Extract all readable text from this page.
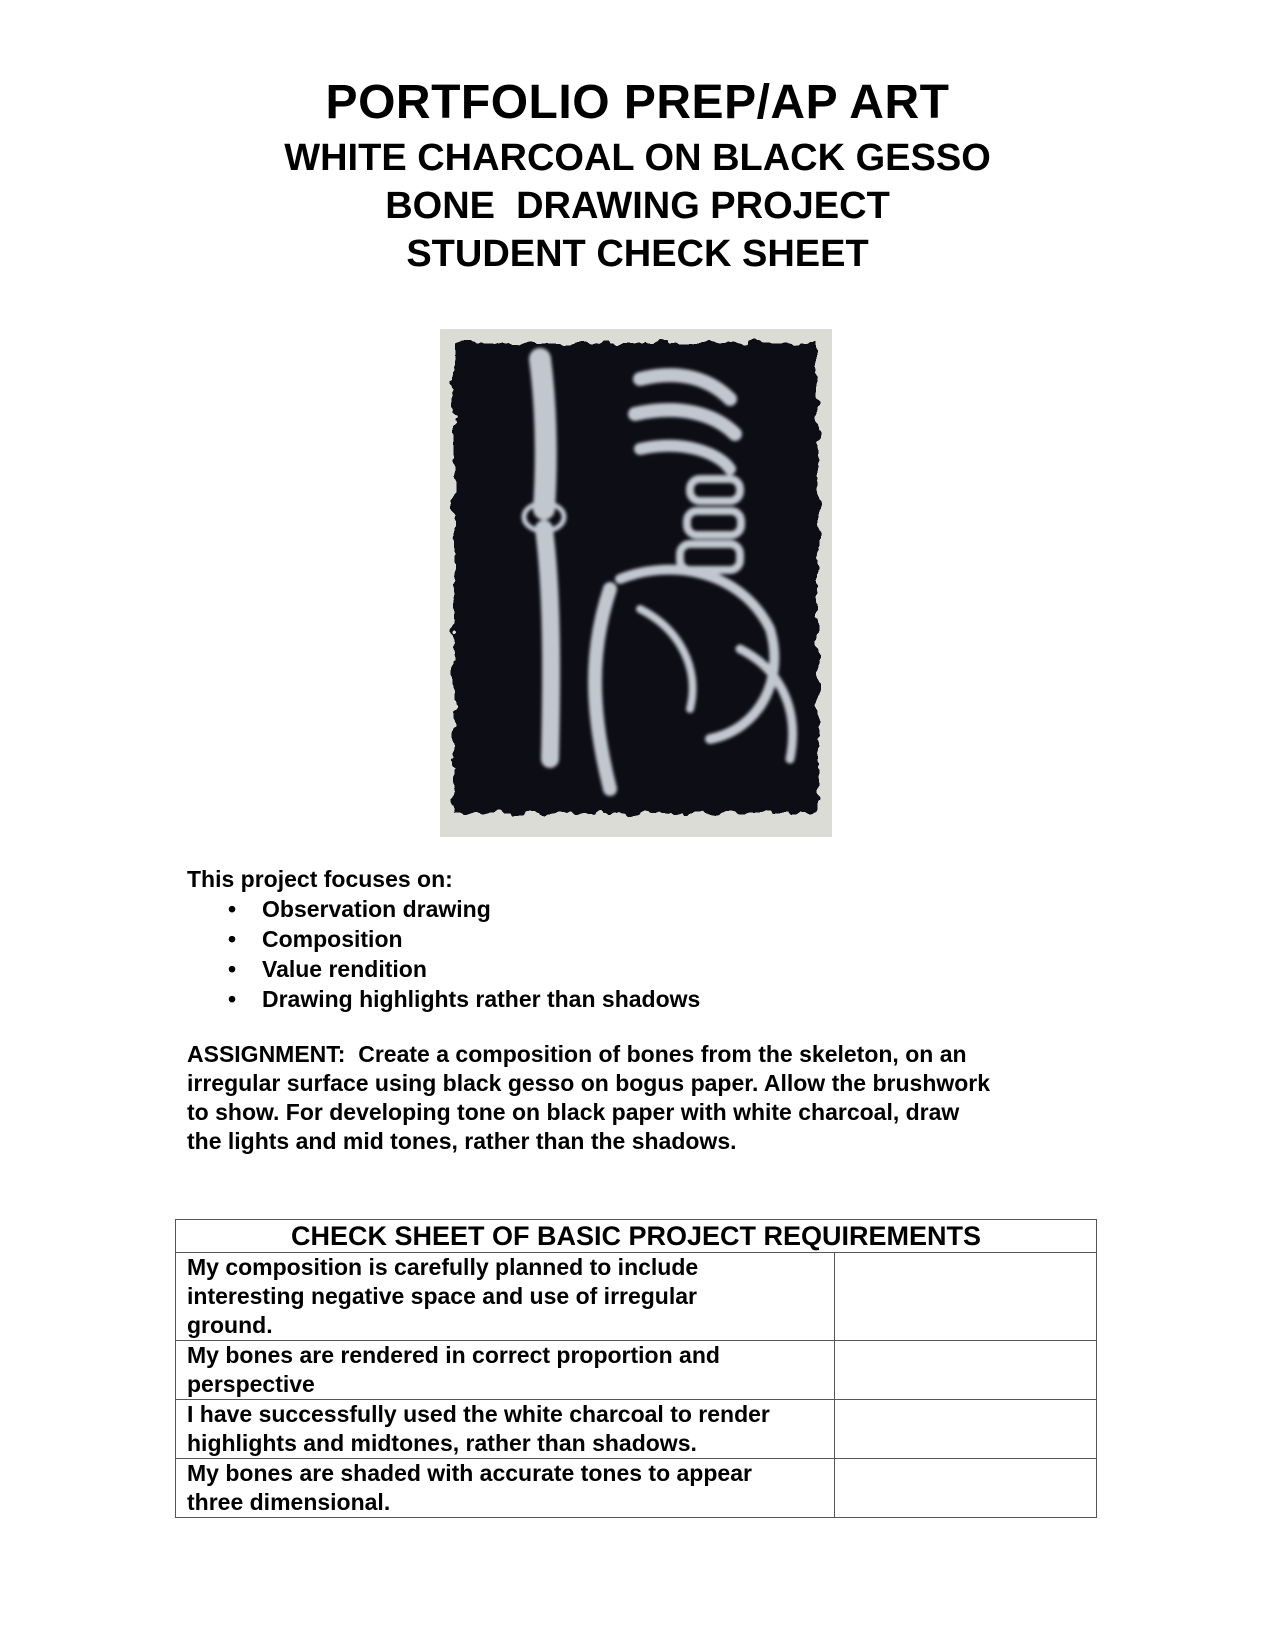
PORTFOLIO PREP/AP ART
WHITE CHARCOAL ON BLACK GESSO
BONE  DRAWING PROJECT
STUDENT CHECK SHEET
This project focuses on:
• Observation drawing
• Composition
• Value rendition
• Drawing highlights rather than shadows
ASSIGNMENT:  Create a composition of bones from the skeleton, on an
irregular surface using black gesso on bogus paper. Allow the brushwork
to show. For developing tone on black paper with white charcoal, draw
the lights and mid tones, rather than the shadows.
CHECK SHEET OF BASIC PROJECT REQUIREMENTS	

My composition is carefully planned to include
interesting negative space and use of irregular
ground.	

My bones are rendered in correct proportion and
perspective	

I have successfully used the white charcoal to render
highlights and midtones, rather than shadows.	

My bones are shaded with accurate tones to appear
three dimensional.	
